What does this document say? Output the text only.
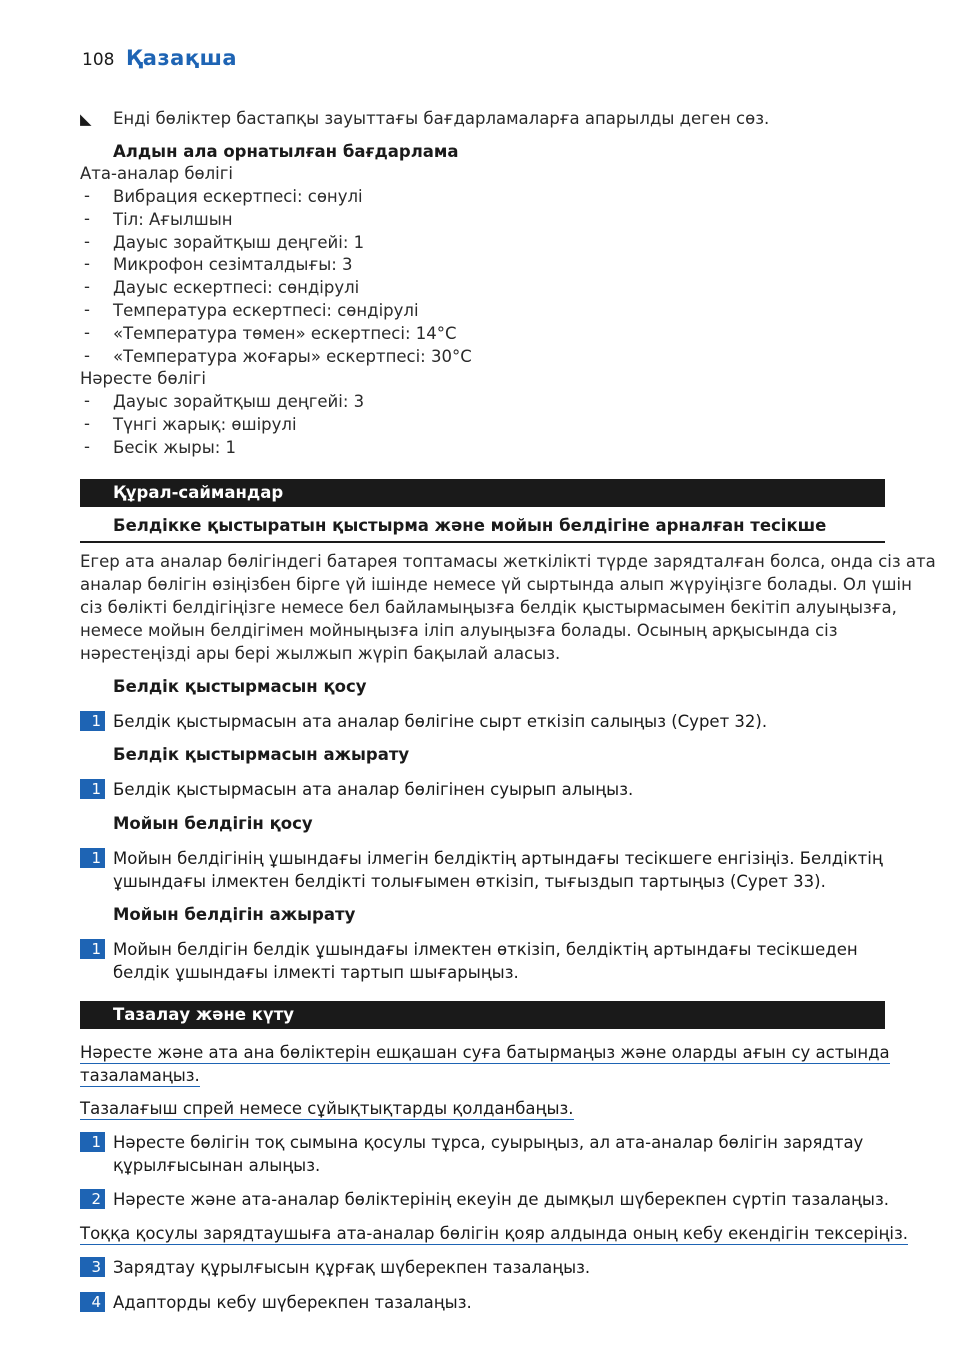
108 Қазақша
◣ Енді бөліктер бастапқы зауыттағы бағдарламаларға апарылды деген сөз.
Алдын ала орнатылған бағдарлама
Ата-аналар бөлігі
- Вибрация ескертпесі: сөнулі
- Тіл: Ағылшын
- Дауыс зорайтқыш деңгейі: 1
- Микрофон сезімталдығы: 3
- Дауыс ескертпесі: сөндірулі
- Температура ескертпесі: сөндірулі
- «Температура төмен» ескертпесі: 14°C
- «Температура жоғары» ескертпесі: 30°C
Нәресте бөлігі
- Дауыс зорайтқыш деңгейі: 3
- Түнгі жарық: өшірулі
- Бесік жыры: 1
Құрал-саймандар
Белдікке қыстыратын қыстырма және мойын белдігіне арналған тесікше
Егер ата аналар бөлігіндегі батарея топтамасы жеткілікті түрде зарядталған болса, онда сіз ата
аналар бөлігін өзіңізбен бірге үй ішінде немесе үй сыртында алып жүруіңізге болады. Ол үшін
сіз бөлікті белдігіңізге немесе бел байламыңызға белдік қыстырмасымен бекітіп алуыңызға,
немесе мойын белдігімен мойныңызға іліп алуыңызға болады. Осының арқысында сіз
нәрестеңізді ары бері жылжып жүріп бақылай аласыз.
Белдік қыстырмасын қосу
1 Белдік қыстырмасын ата аналар бөлігіне сырт еткізіп салыңыз (Сурет 32).
Белдік қыстырмасын ажырату
1 Белдік қыстырмасын ата аналар бөлігінен суырып алыңыз.
Мойын белдігін қосу
1 Мойын белдігінің ұшындағы ілмегін белдіктің артындағы тесікшеге енгізіңіз. Белдіктің
ұшындағы ілмектен белдікті толығымен өткізіп, тығыздып тартыңыз (Сурет 33).
Мойын белдігін ажырату
1 Мойын белдігін белдік ұшындағы ілмектен өткізіп, белдіктің артындағы тесікшеден
белдік ұшындағы ілмекті тартып шығарыңыз.
Тазалау және күту
Нәресте және ата ана бөліктерін ешқашан суға батырмаңыз және оларды ағын су астында
тазаламаңыз.
Тазалағыш спрей немесе сұйықтықтарды қолданбаңыз.
1 Нәресте бөлігін тоқ сымына қосулы тұрса, суырыңыз, ал ата-аналар бөлігін зарядтау
құрылғысынан алыңыз.
2 Нәресте және ата-аналар бөліктерінің екеуін де дымқыл шүберекпен сүртіп тазалаңыз.
Тоққа қосулы зарядтаушыға ата-аналар бөлігін қояр алдында оның кебу екендігін тексеріңіз.
3 Зарядтау құрылғысын құрғақ шүберекпен тазалаңыз.
4 Адапторды кебу шүберекпен тазалаңыз.
